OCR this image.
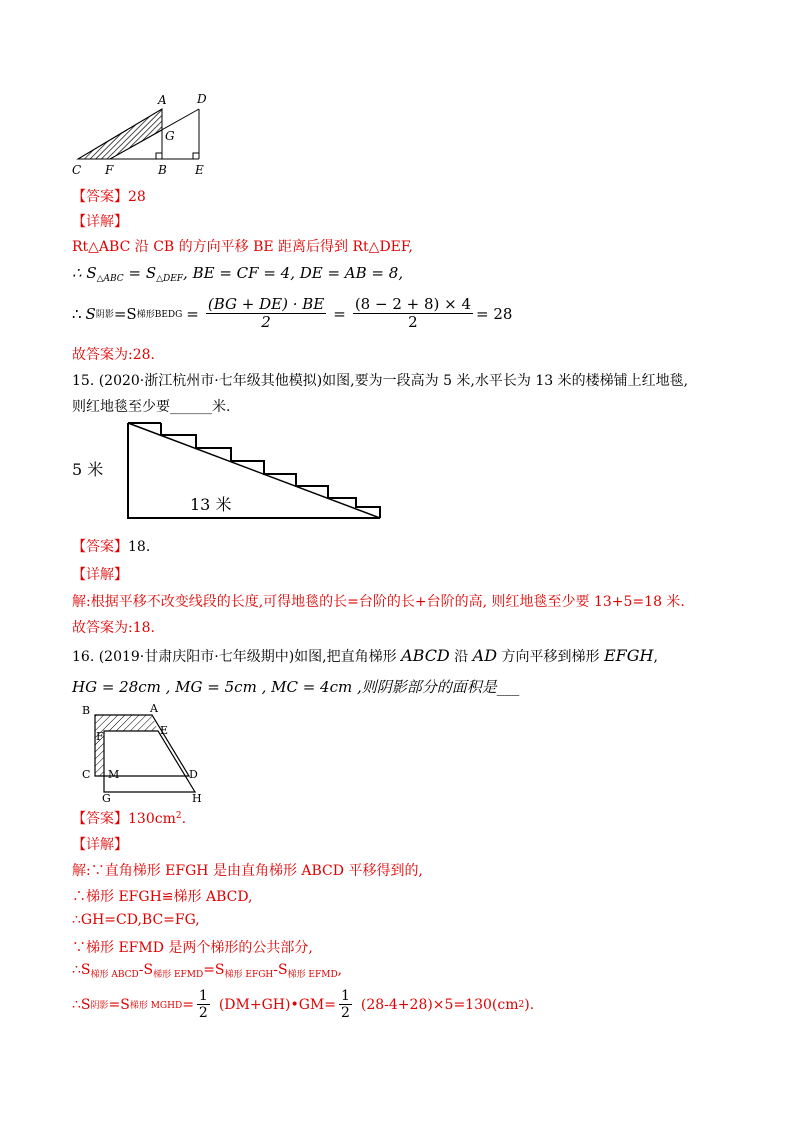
A	D
G
C F	B E
【答案】28
【详解】
Rt△ABC 沿 CB 的方向平移 BE 距离后得到 Rt△DEF,
∴ $S_{\triangle ABC} = S_{\triangle DEF}$, BE = CF = 4, DE = AB = 8,
∴ S 阴影 =S 梯形BEDG = $\frac{(BG + DE) \cdot BE}{2} = \frac{(8 - 2 + 8) \times 4}{2} = 28$
故答案为:28.
15. (2020·浙江杭州市·七年级其他模拟)如图,要为一段高为 5 米,水平长为 13 米的楼梯铺上红地毯,
则红地毯至少要______米.
5 米
13 米
【答案】18.
【详解】
解:根据平移不改变线段的长度,可得地毯的长=台阶的长+台阶的高, 则红地毯至少要 13+5=18 米.
故答案为:18.
16. (2019·甘肃庆阳市·七年级期中)如图,把直角梯形 ABCD 沿 AD 方向平移到梯形 EFGH,
HG = 28cm , MG = 5cm , MC = 4cm ,则阴影部分的面积是___
B	A
E
F
C M	D
G	H
【答案】$130cm^2$.
【详解】
解:∵直角梯形 EFGH 是由直角梯形 ABCD 平移得到的,
∴梯形 EFGH≌梯形 ABCD,
∴GH=CD,BC=FG,
∵梯形 EFMD 是两个梯形的公共部分,
$\therefore S_{梯形 ABCD}-S_{梯形 EFMD}=S_{梯形 EFGH}-S_{梯形 EFMD}$,
∴S 阴影 =S 梯形 MGHD = $\frac{1}{2}$ (DM+GH)•GM= $\frac{1}{2} (28-4+28)\times 5=130(cm$ 2 ).
